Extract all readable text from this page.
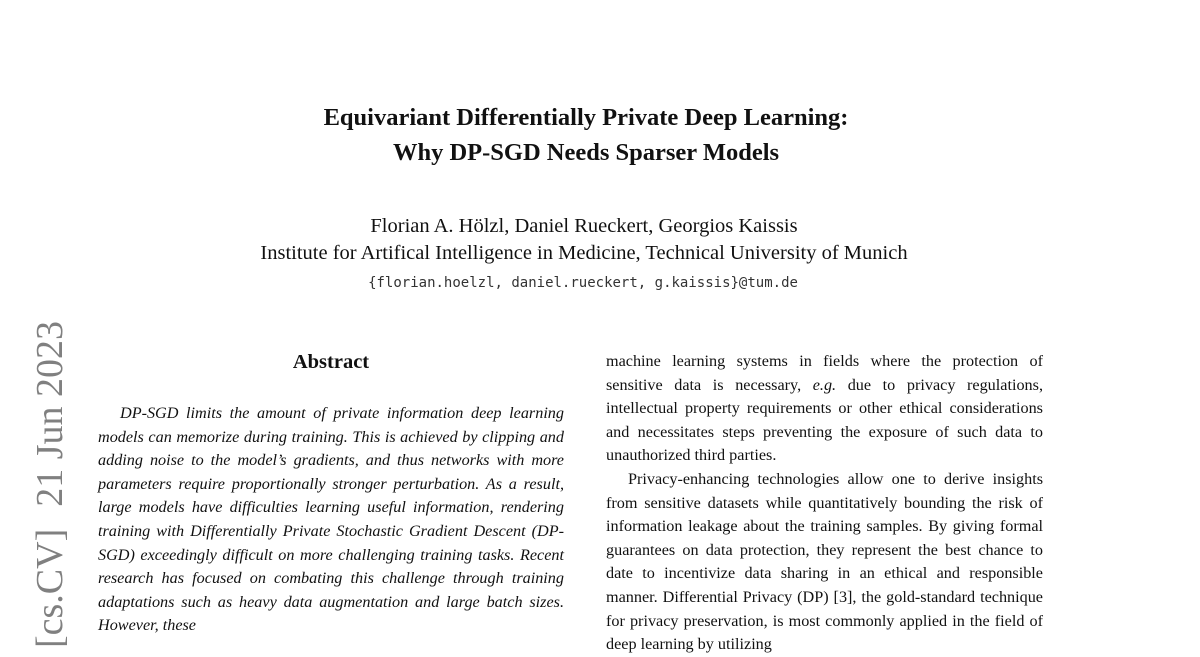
Equivariant Differentially Private Deep Learning:
Why DP-SGD Needs Sparser Models
Florian A. Hölzl, Daniel Rueckert, Georgios Kaissis
Institute for Artifical Intelligence in Medicine, Technical University of Munich
{florian.hoelzl, daniel.rueckert, g.kaissis}@tum.de
[cs.CV]21 Jun 2023	Abstract

DP-SGD limits the amount of private information deep learning models can memorize during training. This is achieved by clipping and adding noise to the model’s gradients, and thus networks with more parameters require proportionally stronger perturbation. As a result, large models have difficulties learning useful information, rendering training with Differentially Private Stochastic Gradient Descent (DP-SGD) exceedingly difficult on more challenging training tasks. Recent research has focused on combating this challenge through training adaptations such as heavy data augmentation and large batch sizes. However, these

machine learning systems in fields where the protection of sensitive data is necessary, e.g. due to privacy regulations, intellectual property requirements or other ethical considerations and necessitates steps preventing the exposure of such data to unauthorized third parties.

Privacy-enhancing technologies allow one to derive insights from sensitive datasets while quantitatively bounding the risk of information leakage about the training samples. By giving formal guarantees on data protection, they represent the best chance to date to incentivize data sharing in an ethical and responsible manner. Differential Privacy (DP) [3], the gold-standard technique for privacy preservation, is most commonly applied in the field of deep learning by utilizing
